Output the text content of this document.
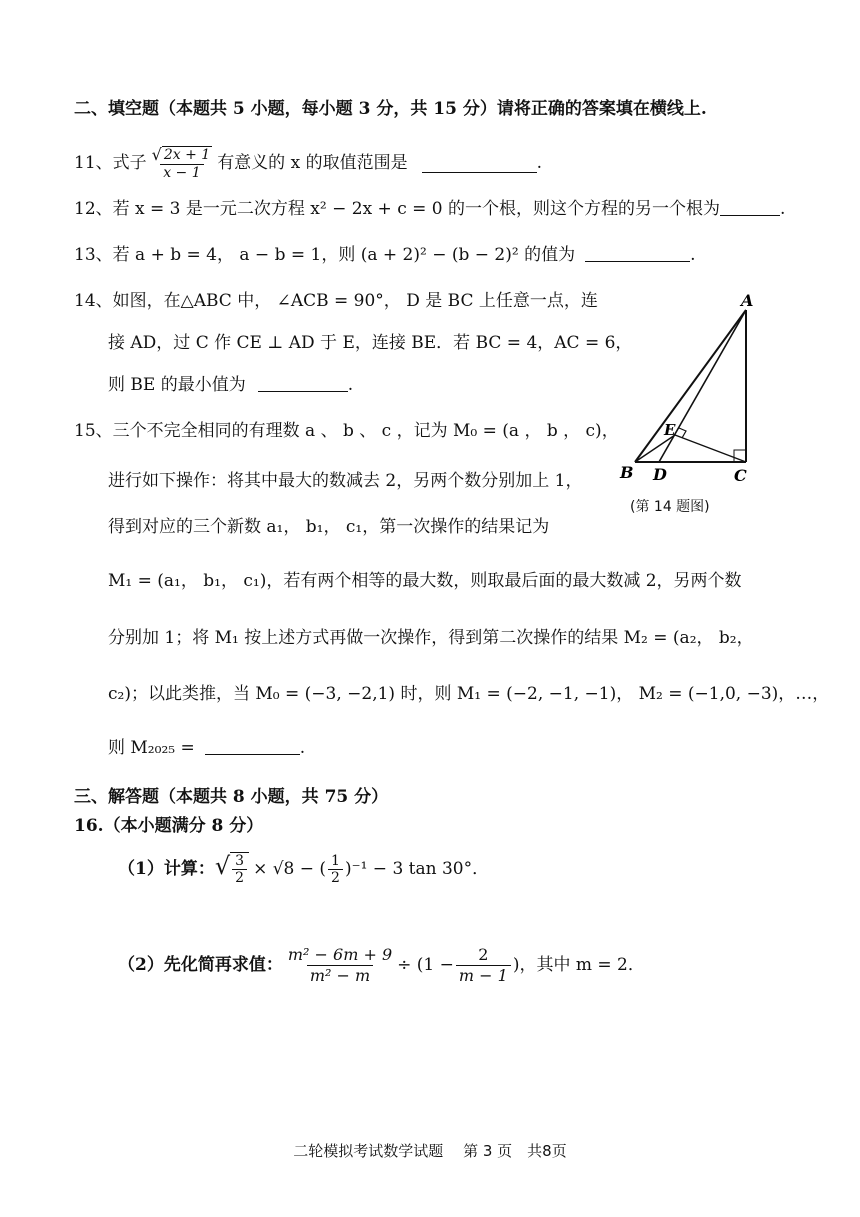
二、填空题（本题共 5 小题，每小题 3 分，共 15 分）请将正确的答案填在横线上.
11、式子 $\frac{√ 2x + 1}{x - 1}$ 有意义的 x 的取值范围是	.
12、若 x = 3 是一元二次方程 x² − 2x + c = 0 的一个根，则这个方程的另一个根为	.
13、若 a + b = 4， a − b = 1，则 (a + 2)² − (b − 2)² 的值为	.
14、如图，在△ABC 中， ∠ACB = 90°， D 是 BC 上任意一点，连
接 AD，过 C 作 CE ⊥ AD 于 E，连接 BE．若 BC = 4，AC = 6，
则 BE 的最小值为	.
A
B	C
D
E
(第 14 题图)
15、三个不完全相同的有理数 a 、 b 、 c ，记为 M₀ = (a ， b ， c)，
进行如下操作：将其中最大的数减去 2，另两个数分别加上 1，
得到对应的三个新数 a₁， b₁， c₁，第一次操作的结果记为
M₁ = (a₁， b₁， c₁)，若有两个相等的最大数，则取最后面的最大数减 2，另两个数
分别加 1；将 M₁ 按上述方式再做一次操作，得到第二次操作的结果 M₂ = (a₂， b₂，
c₂)；以此类推，当 M₀ = (−3, −2,1) 时，则 M₁ = (−2, −1, −1)， M₂ = (−1,0, −3)，…，
则 M₂₀₂₅ =	.
三、解答题（本题共 8 小题，共 75 分）
16.（本小题满分 8 分）
（1）计算： √ $\frac{3}{2} \times √8$ − ( $\frac{1}{2} )^{-1} - 3$ tan 30°．
（2）先化简再求值： $\frac{\text{m² − 6m + 9}}{\text{m² − m}} \div (1 - \frac{2}{m - 1}$ )，其中 m = 2．
二轮模拟考试数学试题　 第 3 页　共8页
